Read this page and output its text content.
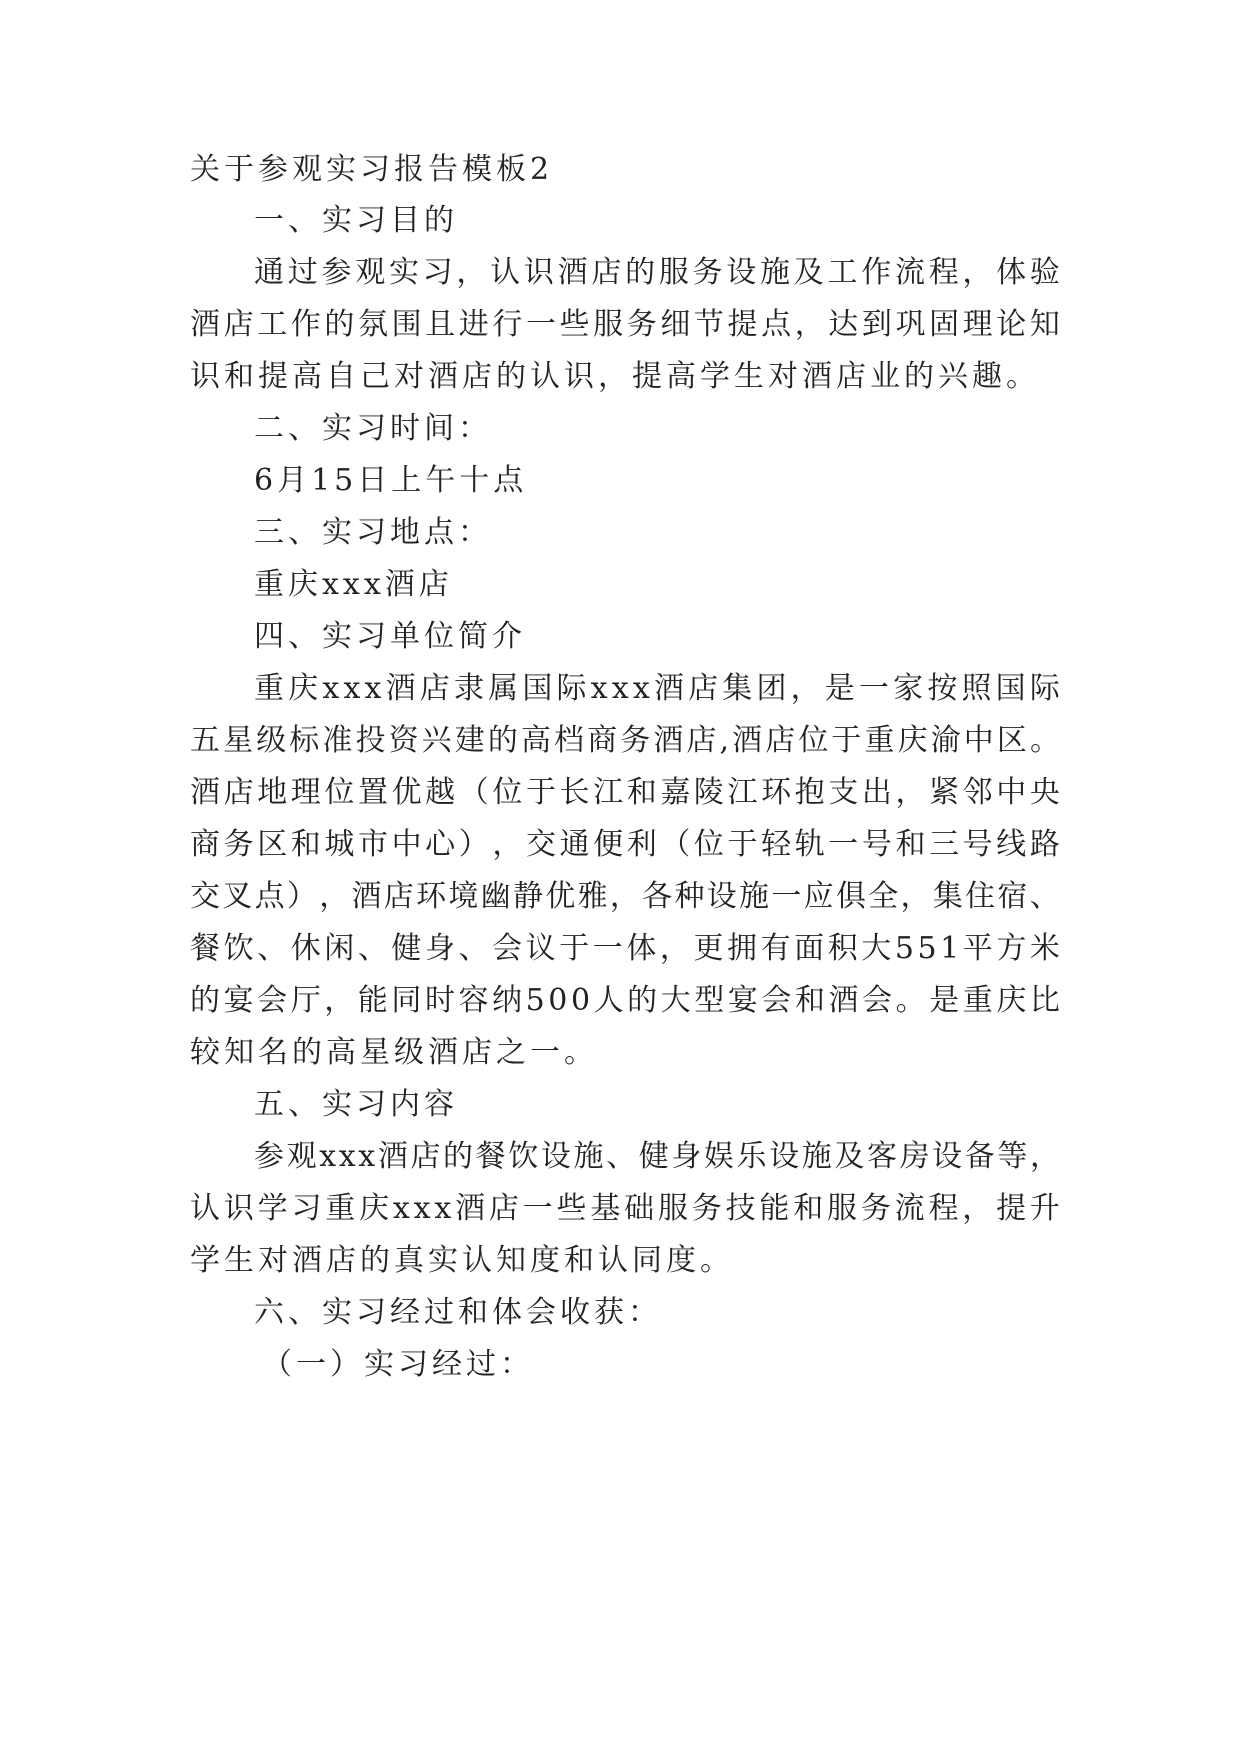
关于参观实习报告模板2
一、实习目的
通 过 参 观 实 习 ， 认 识 酒 店 的 服 务 设 施 及 工 作 流 程 ， 体 验
酒 店 工 作 的 氛 围 且 进 行 一 些 服 务 细 节 提 点 ， 达 到 巩 固 理 论 知
识和提高自己对酒店的认识，提高学生对酒店业的兴趣。
二、实习时间：
6月15日上午十点
三、实习地点：
重庆xxx酒店
四、实习单位简介
重 庆 x x x 酒 店 隶 属 国 际 x x x 酒 店 集 团 ， 是 一 家 按 照 国 际
五 星 级 标 准 投 资 兴 建 的 高 档 商 务 酒 店 , 酒 店 位 于 重 庆 渝 中 区 。
酒 店 地 理 位 置 优 越 （ 位 于 长 江 和 嘉 陵 江 环 抱 支 出 ， 紧 邻 中 央
商 务 区 和 城 市 中 心 ） ， 交 通 便 利 （ 位 于 轻 轨 一 号 和 三 号 线 路
交 叉 点 ） ， 酒 店 环 境 幽 静 优 雅 ， 各 种 设 施 一 应 俱 全 ， 集 住 宿 、
餐 饮 、 休 闲 、 健 身 、 会 议 于 一 体 ， 更 拥 有 面 积 大 5 5 1 平 方 米
的 宴 会 厅 ， 能 同 时 容 纳 5 0 0 人 的 大 型 宴 会 和 酒 会 。 是 重 庆 比
较知名的高星级酒店之一。
五、实习内容
参 观 x x x 酒 店 的 餐 饮 设 施 、 健 身 娱 乐 设 施 及 客 房 设 备 等 ，
认 识 学 习 重 庆 x x x 酒 店 一 些 基 础 服 务 技 能 和 服 务 流 程 ， 提 升
学生对酒店的真实认知度和认同度。
六、实习经过和体会收获：
（一）实习经过：
